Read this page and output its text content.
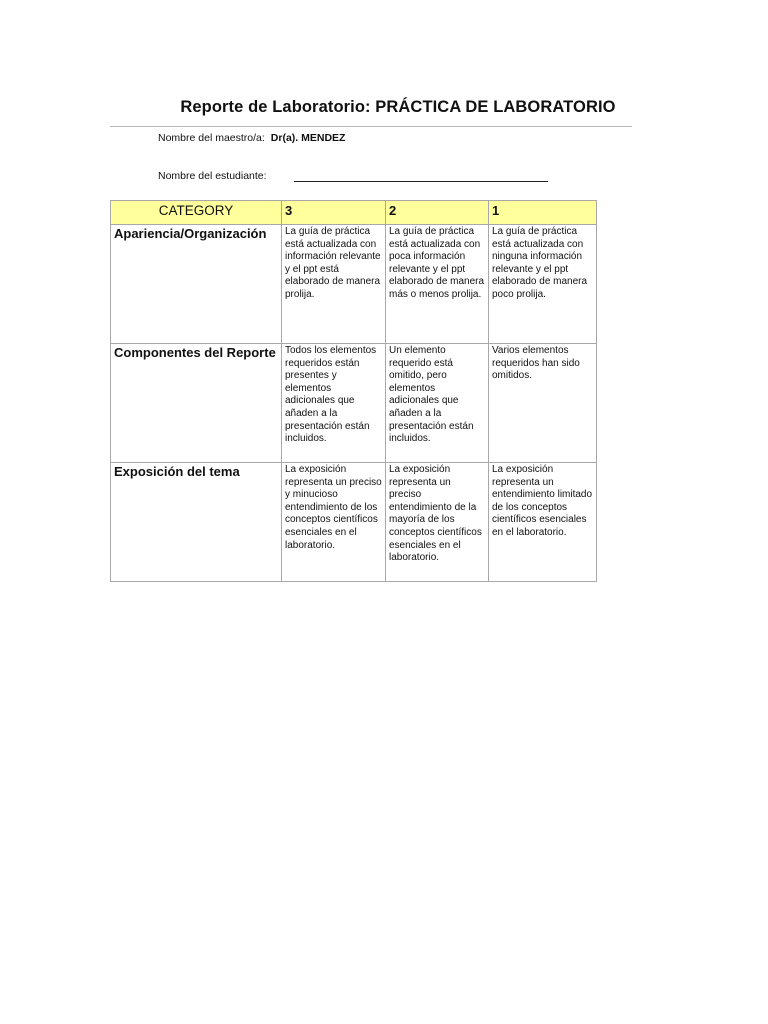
Reporte de Laboratorio: PRÁCTICA DE LABORATORIO
Nombre del maestro/a: Dr(a). MENDEZ
Nombre del estudiante:
CATEGORY	3	2	1
Apariencia/Organización	La guía de práctica está actualizada con información relevante y el ppt está elaborado de manera prolija.	La guía de práctica está actualizada con poca información relevante y el ppt elaborado de manera más o menos prolija.	La guía de práctica está actualizada con ninguna información relevante y el ppt elaborado de manera poco prolija.
Componentes del Reporte	Todos los elementos requeridos están presentes y elementos adicionales que añaden a la presentación están incluidos.	Un elemento requerido está omitido, pero elementos adicionales que añaden a la presentación están incluidos.	Varios elementos requeridos han sido omitidos.
Exposición del tema	La exposición representa un preciso y minucioso entendimiento de los conceptos científicos esenciales en el laboratorio.	La exposición representa un preciso entendimiento de la mayoría de los conceptos científicos esenciales en el laboratorio.	La exposición representa un entendimiento limitado de los conceptos científicos esenciales en el laboratorio.
